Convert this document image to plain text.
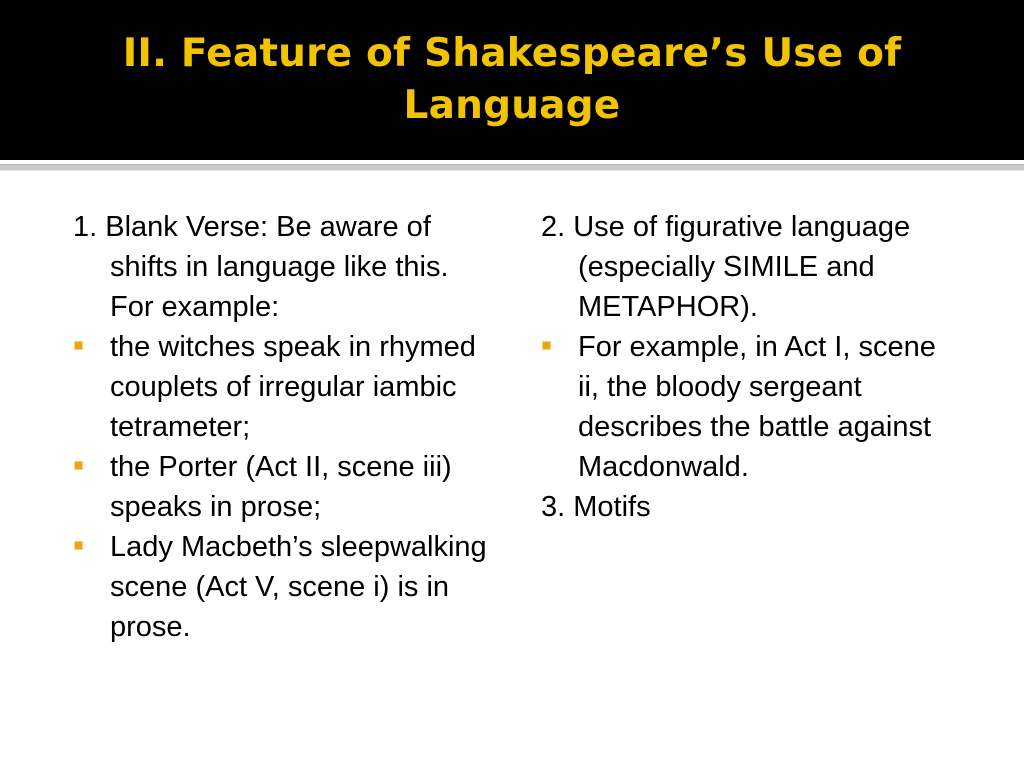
II. Feature of Shakespeare’s Use of Language

1. Blank Verse: Be aware of shifts in language like this. For example:

the witches speak in rhymed couplets of irregular iambic tetrameter;
the Porter (Act II, scene iii) speaks in prose;
Lady Macbeth’s sleepwalking scene (Act V, scene i) is in prose.

2. Use of figurative language (especially SIMILE and METAPHOR).

For example, in Act I, scene ii, the bloody sergeant describes the battle against Macdonwald.

3. Motifs
